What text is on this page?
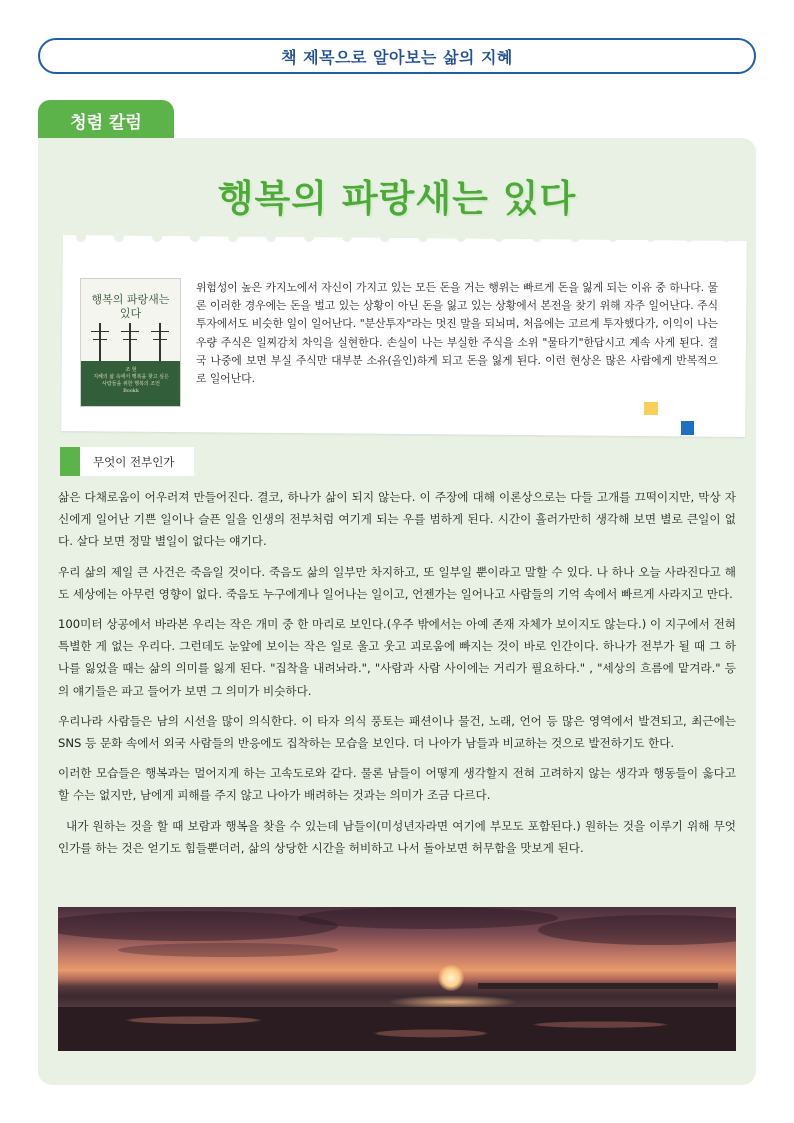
책 제목으로 알아보는 삶의 지혜
청렴 칼럼
행복의 파랑새는 있다
행복의 파랑새는
있다
조 현
지혜의 삶 속에서 행복을 찾고 싶은
사람들을 위한 행복의 조언
Bookk
위험성이 높은 카지노에서 자신이 가지고 있는 모든 돈을 거는 행위는 빠르게 돈을 잃게 되는 이유 중 하나다. 물론 이러한 경우에는 돈을 벌고 있는 상황이 아닌 돈을 잃고 있는 상황에서 본전을 찾기 위해 자주 일어난다. 주식투자에서도 비슷한 일이 일어난다. "분산투자"라는 멋진 말을 되뇌며, 처음에는 고르게 투자했다가, 이익이 나는 우량 주식은 일찌감치 차익을 실현한다. 손실이 나는 부실한 주식을 소위 "물타기"한답시고 계속 사게 된다. 결국 나중에 보면 부실 주식만 대부분 소유(올인)하게 되고 돈을 잃게 된다. 이런 현상은 많은 사람에게 반복적으로 일어난다.
무엇이 전부인가

삶은 다채로움이 어우러져 만들어진다. 결코, 하나가 삶이 되지 않는다. 이 주장에 대해 이론상으로는 다들 고개를 끄떡이지만, 막상 자신에게 일어난 기쁜 일이나 슬픈 일을 인생의 전부처럼 여기게 되는 우를 범하게 된다. 시간이 흘러가만히 생각해 보면 별로 큰일이 없다. 살다 보면 정말 별일이 없다는 얘기다.

우리 삶의 제일 큰 사건은 죽음일 것이다. 죽음도 삶의 일부만 차지하고, 또 일부일 뿐이라고 말할 수 있다. 나 하나 오늘 사라진다고 해도 세상에는 아무런 영향이 없다. 죽음도 누구에게나 일어나는 일이고, 언젠가는 일어나고 사람들의 기억 속에서 빠르게 사라지고 만다.

100미터 상공에서 바라본 우리는 작은 개미 중 한 마리로 보인다.(우주 밖에서는 아예 존재 자체가 보이지도 않는다.) 이 지구에서 전혀 특별한 게 없는 우리다. 그런데도 눈앞에 보이는 작은 일로 울고 웃고 괴로움에 빠지는 것이 바로 인간이다. 하나가 전부가 될 때 그 하나를 잃었을 때는 삶의 의미를 잃게 된다. "집착을 내려놔라.", "사람과 사람 사이에는 거리가 필요하다." , "세상의 흐름에 맡겨라." 등의 얘기들은 파고 들어가 보면 그 의미가 비슷하다.

우리나라 사람들은 남의 시선을 많이 의식한다. 이 타자 의식 풍토는 패션이나 물건, 노래, 언어 등 많은 영역에서 발견되고, 최근에는 SNS 등 문화 속에서 외국 사람들의 반응에도 집착하는 모습을 보인다. 더 나아가 남들과 비교하는 것으로 발전하기도 한다.

이러한 모습들은 행복과는 멀어지게 하는 고속도로와 같다. 물론 남들이 어떻게 생각할지 전혀 고려하지 않는 생각과 행동들이 옳다고 할 수는 없지만, 남에게 피해를 주지 않고 나아가 배려하는 것과는 의미가 조금 다르다.

내가 원하는 것을 할 때 보람과 행복을 찾을 수 있는데 남들이(미성년자라면 여기에 부모도 포함된다.) 원하는 것을 이루기 위해 무엇인가를 하는 것은 얻기도 힘들뿐더러, 삶의 상당한 시간을 허비하고 나서 돌아보면 허무함을 맛보게 된다.
